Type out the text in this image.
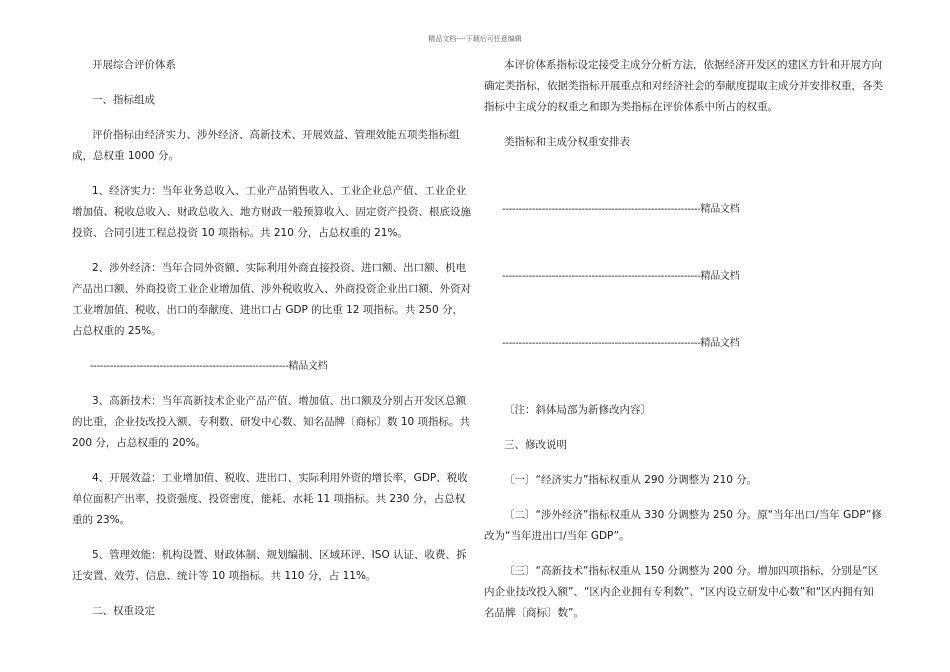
精品文档----下载后可任意编辑

开展综合评价体系

一、指标组成

评价指标由经济实力、涉外经济、高新技术、开展效益、管理效能五项类指标组成，总权重 1000 分。

1、经济实力：当年业务总收入、工业产品销售收入、工业企业总产值、工业企业增加值、税收总收入、财政总收入、地方财政一般预算收入、固定资产投资、根底设施投资、合同引进工程总投资 10 项指标。共 210 分，占总权重的 21%。

2、涉外经济：当年合同外资额、实际利用外商直接投资、进口额、出口额、机电产品出口额、外商投资工业企业增加值、涉外税收收入、外商投资企业出口额、外资对工业增加值、税收、出口的奉献度、进出口占 GDP 的比重 12 项指标。共 250 分，占总权重的 25%。

------------------------------------------------------------精品文档

3、高新技术：当年高新技术企业产品产值、增加值、出口额及分别占开发区总额的比重，企业技改投入额、专利数、研发中心数、知名品牌〔商标〕数 10 项指标。共 200 分，占总权重的 20%。

4、开展效益：工业增加值、税收、进出口、实际利用外资的增长率，GDP、税收单位面积产出率，投资强度、投资密度，能耗、水耗 11 项指标。共 230 分，占总权重的 23%。

5、管理效能：机构设置、财政体制、规划编制、区域环评、ISO 认证、收费、拆迁安置、效劳、信息、统计等 10 项指标。共 110 分，占 11%。

二、权重设定

本评价体系指标设定接受主成分分析方法，依据经济开发区的建区方针和开展方向确定类指标，依据类指标开展重点和对经济社会的奉献度提取主成分并安排权重，各类指标中主成分的权重之和即为类指标在评价体系中所占的权重。

类指标和主成分权重安排表

------------------------------------------------------------精品文档

------------------------------------------------------------精品文档

------------------------------------------------------------精品文档

〔注：斜体局部为新修改内容〕

三、修改说明

〔一〕“经济实力”指标权重从 290 分调整为 210 分。

〔二〕“涉外经济”指标权重从 330 分调整为 250 分。原“当年出口/当年 GDP”修改为“当年进出口/当年 GDP”。

〔三〕“高新技术”指标权重从 150 分调整为 200 分。增加四项指标，分别是“区内企业技改投入额”、“区内企业拥有专利数”、“区内设立研发中心数”和“区内拥有知名品牌〔商标〕数”。
